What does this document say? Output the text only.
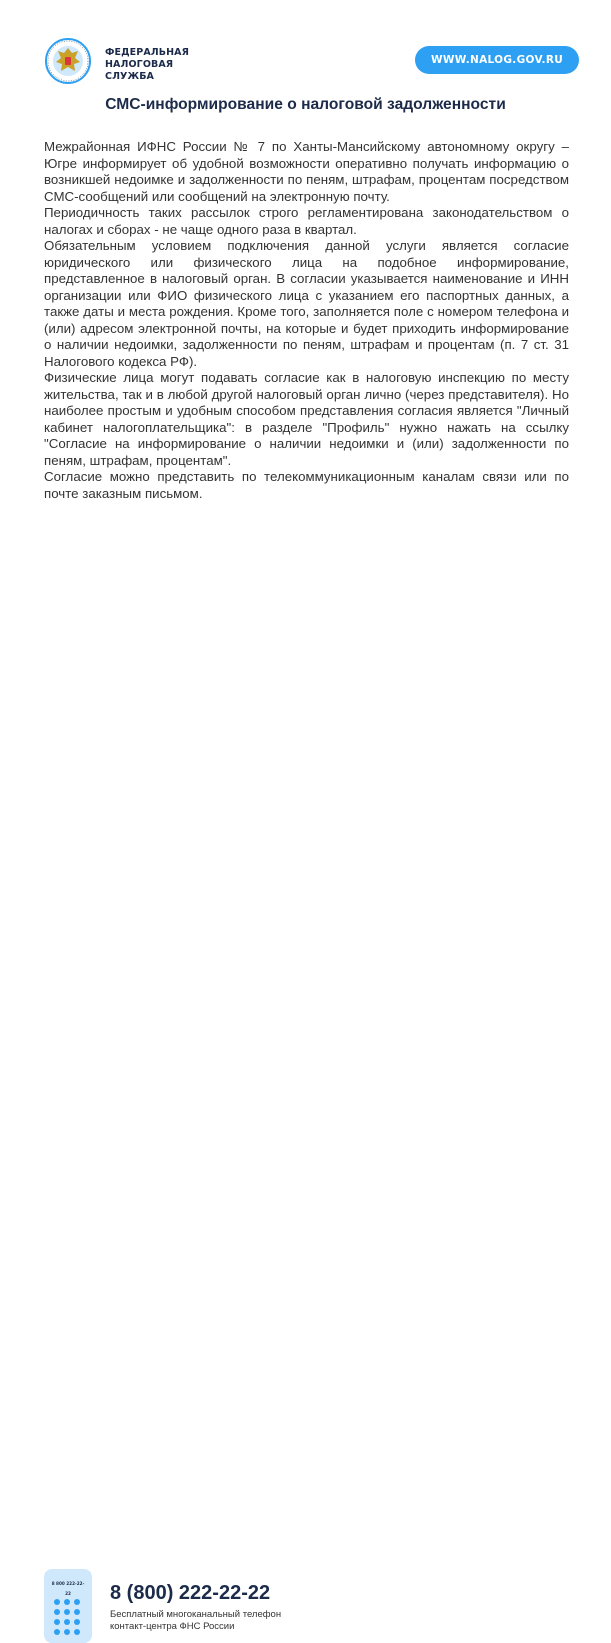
ФЕДЕРАЛЬНАЯ
НАЛОГОВАЯ СЛУЖБА
WWW.NALOG.GOV.RU
СМС-информирование о налоговой задолженности

Межрайонная ИФНС России № 7 по Ханты-Мансийскому автономному округу – Югре информирует об удобной возможности оперативно получать информацию о возникшей недоимке и задолженности по пеням, штрафам, процентам посредством СМС-сообщений или сообщений на электронную почту.

Периодичность таких рассылок строго регламентирована законодательством о налогах и сборах - не чаще одного раза в квартал.

Обязательным условием подключения данной услуги является согласие юридического или физического лица на подобное информирование, представленное в налоговый орган. В согласии указывается наименование и ИНН организации или ФИО физического лица с указанием его паспортных данных, а также даты и места рождения. Кроме того, заполняется поле с номером телефона и (или) адресом электронной почты, на которые и будет приходить информирование о наличии недоимки, задолженности по пеням, штрафам и процентам (п. 7 ст. 31 Налогового кодекса РФ).

Физические лица могут подавать согласие как в налоговую инспекцию по месту жительства, так и в любой другой налоговый орган лично (через представителя). Но наиболее простым и удобным способом представления согласия является "Личный кабинет налогоплательщика": в разделе "Профиль" нужно нажать на ссылку "Согласие на информирование о наличии недоимки и (или) задолженности по пеням, штрафам, процентам".

Согласие можно представить по телекоммуникационным каналам связи или по почте заказным письмом.

8 800 222-22-22	8 (800) 222-22-22
Бесплатный многоканальный телефон
контакт-центра ФНС России
